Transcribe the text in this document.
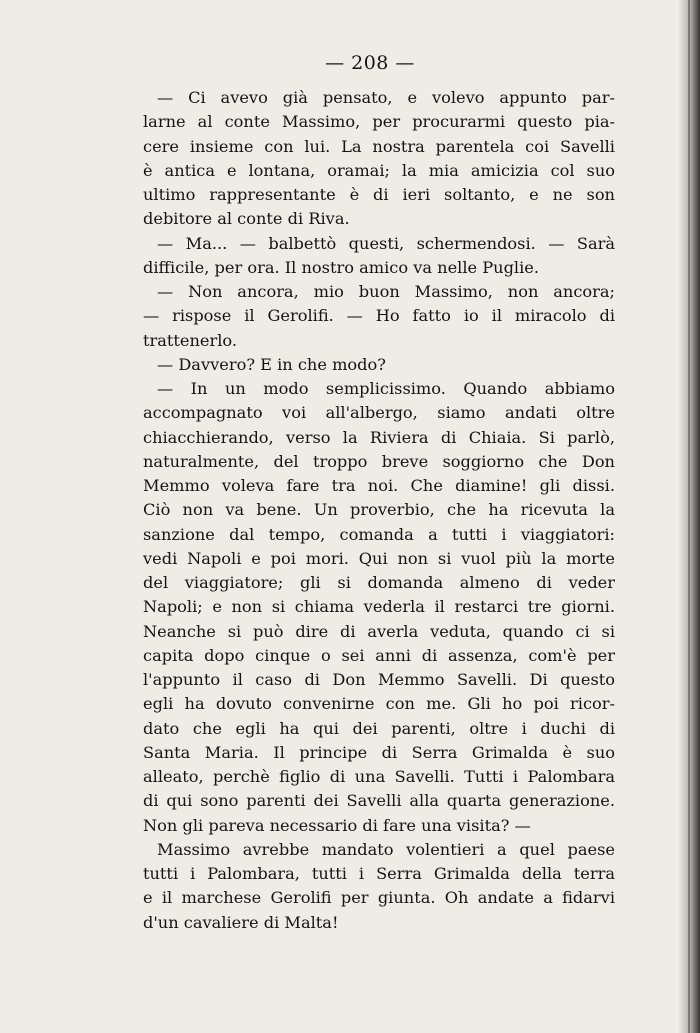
— 208 —
— Ci avevo già pensato, e volevo appunto par-
larne al conte Massimo, per procurarmi questo pia-
cere insieme con lui. La nostra parentela coi Savelli
è antica e lontana, oramai; la mia amicizia col suo
ultimo rappresentante è di ieri soltanto, e ne son
debitore al conte di Riva.
— Ma... — balbettò questi, schermendosi. — Sarà
difficile, per ora. Il nostro amico va nelle Puglie.
— Non ancora, mio buon Massimo, non ancora;
— rispose il Gerolifi. — Ho fatto io il miracolo di
trattenerlo.
— Davvero? E in che modo?
— In un modo semplicissimo. Quando abbiamo
accompagnato voi all'albergo, siamo andati oltre
chiacchierando, verso la Riviera di Chiaia. Si parlò,
naturalmente, del troppo breve soggiorno che Don
Memmo voleva fare tra noi. Che diamine! gli dissi.
Ciò non va bene. Un proverbio, che ha ricevuta la
sanzione dal tempo, comanda a tutti i viaggiatori:
vedi Napoli e poi mori. Qui non si vuol più la morte
del viaggiatore; gli si domanda almeno di veder
Napoli; e non si chiama vederla il restarci tre giorni.
Neanche si può dire di averla veduta, quando ci si
capita dopo cinque o sei anni di assenza, com'è per
l'appunto il caso di Don Memmo Savelli. Di questo
egli ha dovuto convenirne con me. Gli ho poi ricor-
dato che egli ha qui dei parenti, oltre i duchi di
Santa Maria. Il principe di Serra Grimalda è suo
alleato, perchè figlio di una Savelli. Tutti i Palombara
di qui sono parenti dei Savelli alla quarta generazione.
Non gli pareva necessario di fare una visita? —
Massimo avrebbe mandato volentieri a quel paese
tutti i Palombara, tutti i Serra Grimalda della terra
e il marchese Gerolifi per giunta. Oh andate a fidarvi
d'un cavaliere di Malta!
